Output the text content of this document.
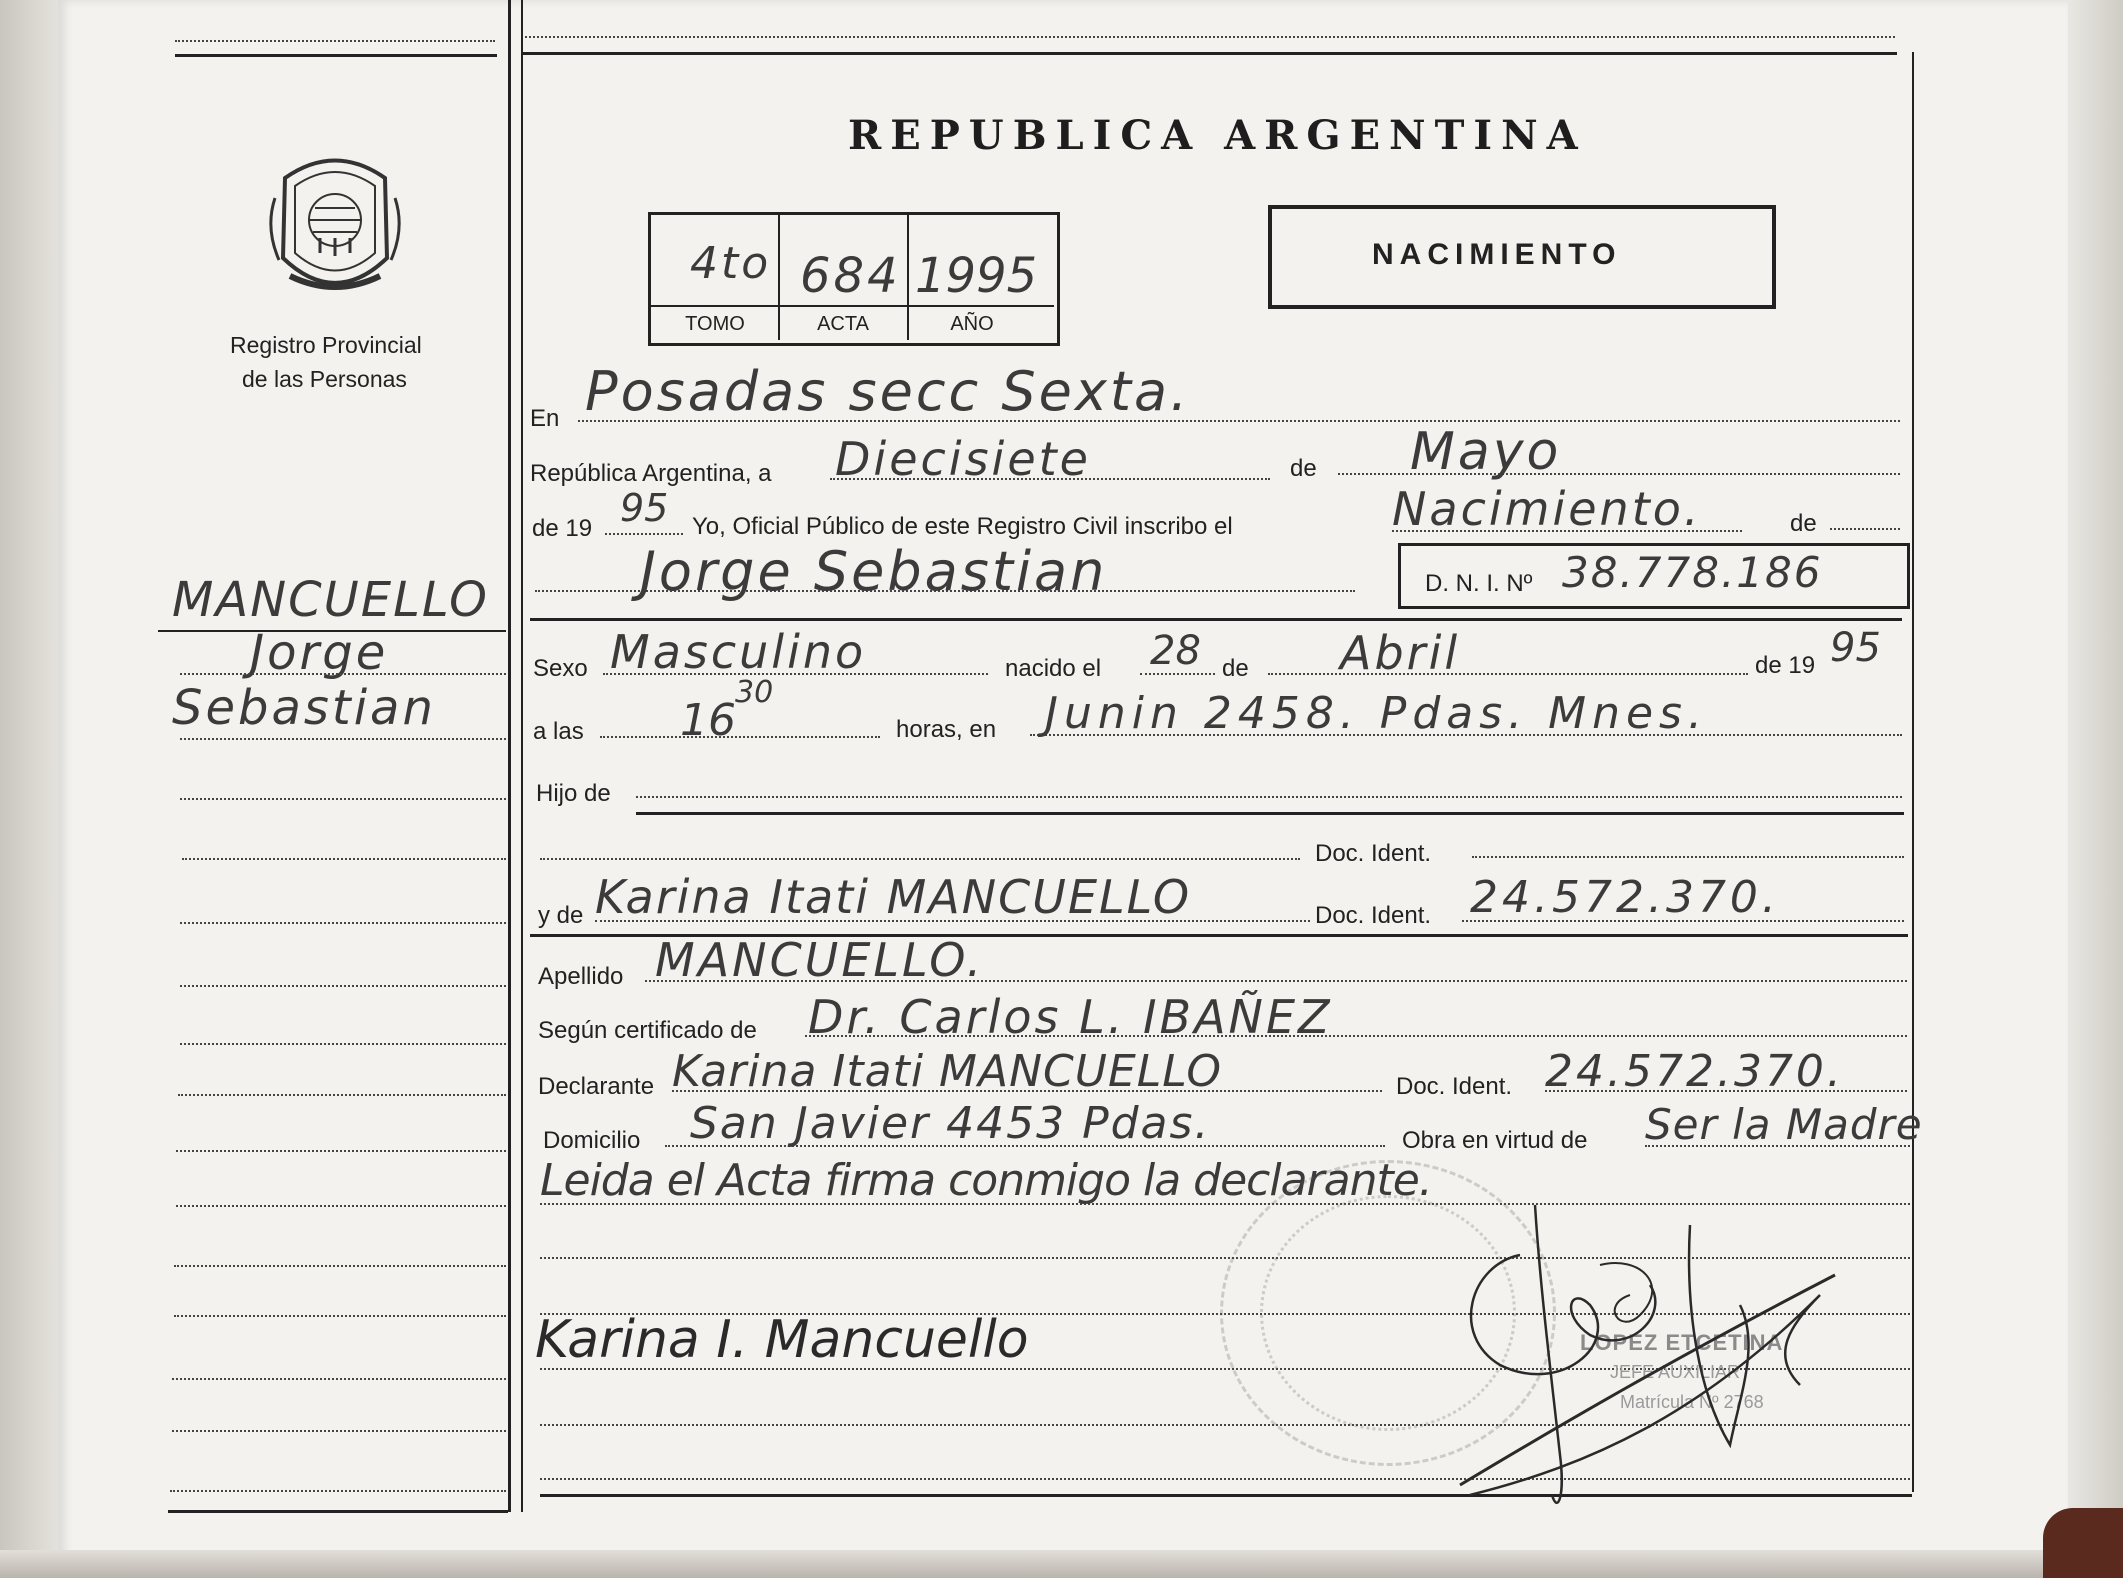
Registro Provincial
de las Personas
REPUBLICA ARGENTINA
4to 684 1995
TOMO	ACTA	AÑO
NACIMIENTO
En Posadas secc Sexta.
República Argentina, a Diecisiete	de Mayo
de 19 95 Yo, Oficial Público de este Registro Civil inscribo el	Nacimiento.	de
Jorge Sebastian	D. N. I. Nº 38.778.186
MANCUELLO
Jorge
Sebastian
Sexo Masculino	nacido el 28 de Abril	de 19 95
a las 16
30
horas, en Junin 2458. Pdas. Mnes.
Hijo de
Doc. Ident.
y de Karina Itati MANCUELLO	Doc. Ident. 24.572.370.
Apellido MANCUELLO.
Según certificado de Dr. Carlos L. IBAÑEZ
Declarante Karina Itati MANCUELLO	Doc. Ident. 24.572.370.
Domicilio San Javier 4453 Pdas.	Obra en virtud de Ser la Madre
Leida el Acta firma conmigo la declarante.
Karina I. Mancuello	LOPEZ ETCETINA
JEFE AUXILIAR
Matrícula Nº 2768
